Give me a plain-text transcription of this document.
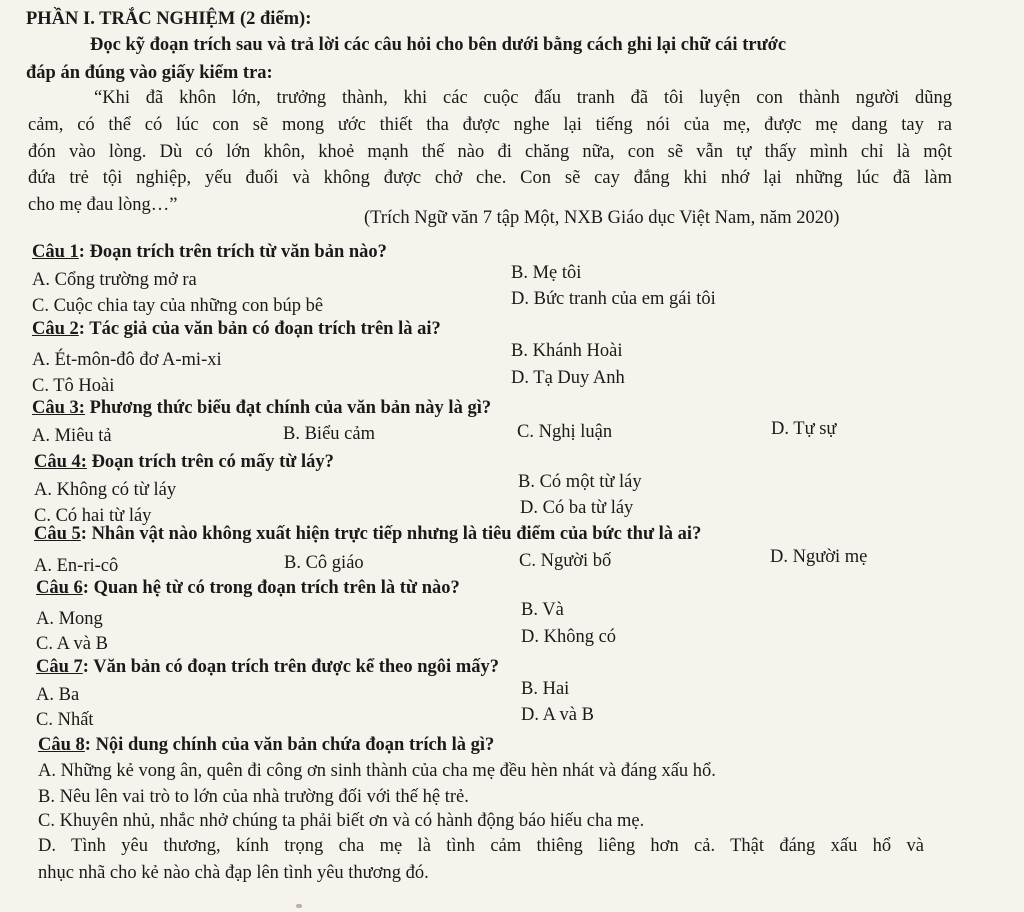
PHẦN I. TRẮC NGHIỆM (2 điểm):
Đọc kỹ đoạn trích sau và trả lời các câu hỏi cho bên dưới bằng cách ghi lại chữ cái trước
đáp án đúng vào giấy kiểm tra:
“Khi đã khôn lớn, trưởng thành, khi các cuộc đấu tranh đã tôi luyện con thành người dũng
cảm, có thể có lúc con sẽ mong ước thiết tha được nghe lại tiếng nói của mẹ, được mẹ dang tay ra
đón vào lòng. Dù có lớn khôn, khoẻ mạnh thế nào đi chăng nữa, con sẽ vẫn tự thấy mình chỉ là một
đứa trẻ tội nghiệp, yếu đuối và không được chở che. Con sẽ cay đắng khi nhớ lại những lúc đã làm
cho mẹ đau lòng…”
(Trích Ngữ văn 7 tập Một, NXB Giáo dục Việt Nam, năm 2020)
Câu 1: Đoạn trích trên trích từ văn bản nào?
A. Cổng trường mở ra	B. Mẹ tôi
C. Cuộc chia tay của những con búp bê	D. Bức tranh của em gái tôi
Câu 2: Tác giả của văn bản có đoạn trích trên là ai?
A. Ét-môn-đô đơ A-mi-xi	B. Khánh Hoài
C. Tô Hoài	D. Tạ Duy Anh
Câu 3: Phương thức biểu đạt chính của văn bản này là gì?
A. Miêu tả	B. Biểu cảm	C. Nghị luận	D. Tự sự
Câu 4: Đoạn trích trên có mấy từ láy?
A. Không có từ láy	B. Có một từ láy
C. Có hai từ láy	D. Có ba từ láy
Câu 5: Nhân vật nào không xuất hiện trực tiếp nhưng là tiêu điểm của bức thư là ai?
A. En-ri-cô	B. Cô giáo	C. Người bố	D. Người mẹ
Câu 6: Quan hệ từ có trong đoạn trích trên là từ nào?
A. Mong	B. Và
C. A và B	D. Không có
Câu 7: Văn bản có đoạn trích trên được kể theo ngôi mấy?
A. Ba	B. Hai
C. Nhất	D. A và B
Câu 8: Nội dung chính của văn bản chứa đoạn trích là gì?
A. Những kẻ vong ân, quên đi công ơn sinh thành của cha mẹ đều hèn nhát và đáng xấu hổ.
B. Nêu lên vai trò to lớn của nhà trường đối với thế hệ trẻ.
C. Khuyên nhủ, nhắc nhở chúng ta phải biết ơn và có hành động báo hiếu cha mẹ.
D. Tình yêu thương, kính trọng cha mẹ là tình cảm thiêng liêng hơn cả. Thật đáng xấu hổ và
nhục nhã cho kẻ nào chà đạp lên tình yêu thương đó.
